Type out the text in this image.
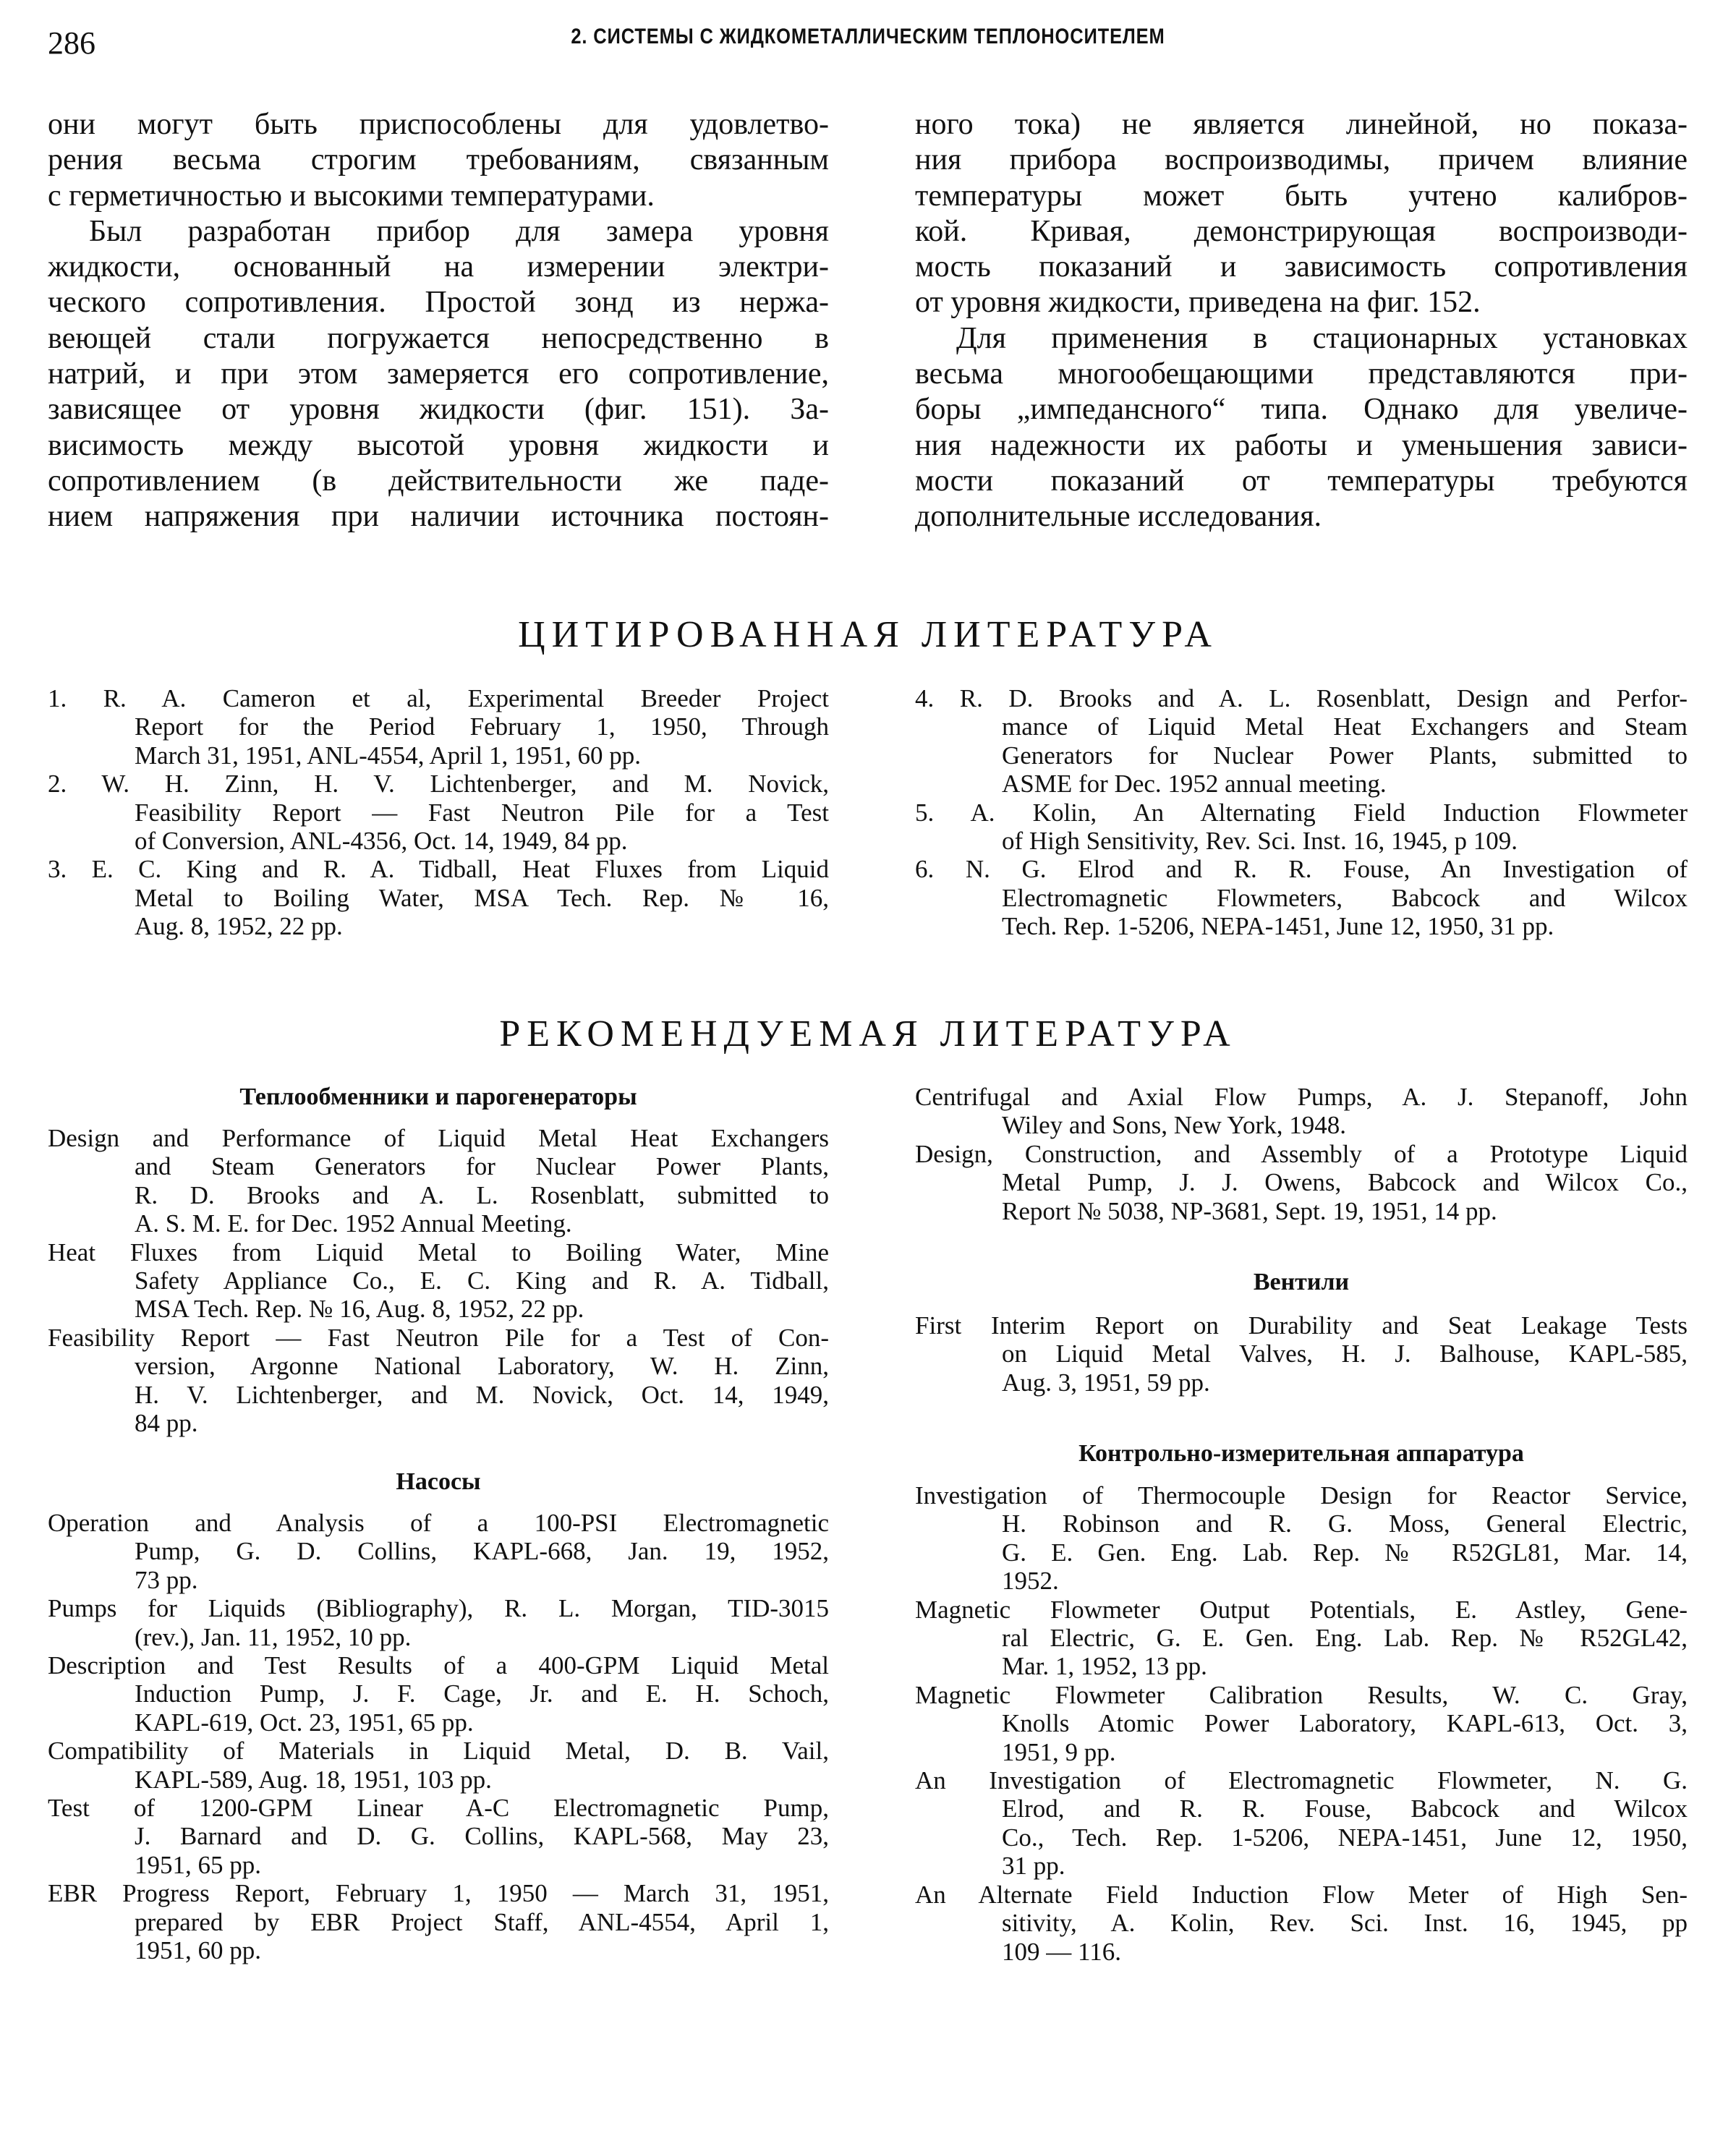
286	2. СИСТЕМЫ С ЖИДКОМЕТАЛЛИЧЕСКИМ ТЕПЛОНОСИТЕЛЕМ
они могут быть приспособлены для удовлетво-
рения весьма строгим требованиям, связанным
с герметичностью и высокими температурами.
Был разработан прибор для замера уровня
жидкости, основанный на измерении электри-
ческого сопротивления. Простой зонд из нержа-
веющей стали погружается непосредственно в
натрий, и при этом замеряется его сопротивление,
зависящее от уровня жидкости (фиг. 151). За-
висимость между высотой уровня жидкости и
сопротивлением (в действительности же паде-
нием напряжения при наличии источника постоян-
ного тока) не является линейной, но показа-
ния прибора воспроизводимы, причем влияние
температуры может быть учтено калибров-
кой. Кривая, демонстрирующая воспроизводи-
мость показаний и зависимость сопротивления
от уровня жидкости, приведена на фиг. 152.
Для применения в стационарных установках
весьма многообещающими представляются при-
боры „импедансного“ типа. Однако для увеличе-
ния надежности их работы и уменьшения зависи-
мости показаний от температуры требуются
дополнительные исследования.
ЦИТИРОВАННАЯ ЛИТЕРАТУРА
1. R. A. Cameron et al, Experimental Breeder Project
Report for the Period February 1, 1950, Through
March 31, 1951, ANL-4554, April 1, 1951, 60 pp.
2. W. H. Zinn, H. V. Lichtenberger, and M. Novick,
Feasibility Report — Fast Neutron Pile for a Test
of Conversion, ANL-4356, Oct. 14, 1949, 84 pp.
3. E. C. King and R. A. Tidball, Heat Fluxes from Liquid
Metal to Boiling Water, MSA Tech. Rep. № 16,
Aug. 8, 1952, 22 pp.
4. R. D. Brooks and A. L. Rosenblatt, Design and Perfor-
mance of Liquid Metal Heat Exchangers and Steam
Generators for Nuclear Power Plants, submitted to
ASME for Dec. 1952 annual meeting.
5. A. Kolin, An Alternating Field Induction Flowmeter
of High Sensitivity, Rev. Sci. Inst. 16, 1945, p 109.
6. N. G. Elrod and R. R. Fouse, An Investigation of
Electromagnetic Flowmeters, Babcock and Wilcox
Tech. Rep. 1-5206, NEPA-1451, June 12, 1950, 31 pp.
РЕКОМЕНДУЕМАЯ ЛИТЕРАТУРА
Теплообменники и парогенераторы
Design and Performance of Liquid Metal Heat Exchangers
and Steam Generators for Nuclear Power Plants,
R. D. Brooks and A. L. Rosenblatt, submitted to
A. S. M. E. for Dec. 1952 Annual Meeting.
Heat Fluxes from Liquid Metal to Boiling Water, Mine
Safety Appliance Co., E. C. King and R. A. Tidball,
MSA Tech. Rep. № 16, Aug. 8, 1952, 22 pp.
Feasibility Report — Fast Neutron Pile for a Test of Con-
version, Argonne National Laboratory, W. H. Zinn,
H. V. Lichtenberger, and M. Novick, Oct. 14, 1949,
84 pp.
Насосы
Operation and Analysis of a 100-PSI Electromagnetic
Pump, G. D. Collins, KAPL-668, Jan. 19, 1952,
73 pp.
Pumps for Liquids (Bibliography), R. L. Morgan, TID-3015
(rev.), Jan. 11, 1952, 10 pp.
Description and Test Results of a 400-GPM Liquid Metal
Induction Pump, J. F. Cage, Jr. and E. H. Schoch,
KAPL-619, Oct. 23, 1951, 65 pp.
Compatibility of Materials in Liquid Metal, D. B. Vail,
KAPL-589, Aug. 18, 1951, 103 pp.
Test of 1200-GPM Linear A-C Electromagnetic Pump,
J. Barnard and D. G. Collins, KAPL-568, May 23,
1951, 65 pp.
EBR Progress Report, February 1, 1950 — March 31, 1951,
prepared by EBR Project Staff, ANL-4554, April 1,
1951, 60 pp.
Centrifugal and Axial Flow Pumps, A. J. Stepanoff, John
Wiley and Sons, New York, 1948.
Design, Construction, and Assembly of a Prototype Liquid
Metal Pump, J. J. Owens, Babcock and Wilcox Co.,
Report № 5038, NP-3681, Sept. 19, 1951, 14 pp.
Вентили
First Interim Report on Durability and Seat Leakage Tests
on Liquid Metal Valves, H. J. Balhouse, KAPL-585,
Aug. 3, 1951, 59 pp.
Контрольно-измерительная аппаратура
Investigation of Thermocouple Design for Reactor Service,
H. Robinson and R. G. Moss, General Electric,
G. E. Gen. Eng. Lab. Rep. № R52GL81, Mar. 14,
1952.
Magnetic Flowmeter Output Potentials, E. Astley, Gene-
ral Electric, G. E. Gen. Eng. Lab. Rep. № R52GL42,
Mar. 1, 1952, 13 pp.
Magnetic Flowmeter Calibration Results, W. C. Gray,
Knolls Atomic Power Laboratory, KAPL-613, Oct. 3,
1951, 9 pp.
An Investigation of Electromagnetic Flowmeter, N. G.
Elrod, and R. R. Fouse, Babcock and Wilcox
Co., Tech. Rep. 1-5206, NEPA-1451, June 12, 1950,
31 pp.
An Alternate Field Induction Flow Meter of High Sen-
sitivity, A. Kolin, Rev. Sci. Inst. 16, 1945, pp
109 — 116.
